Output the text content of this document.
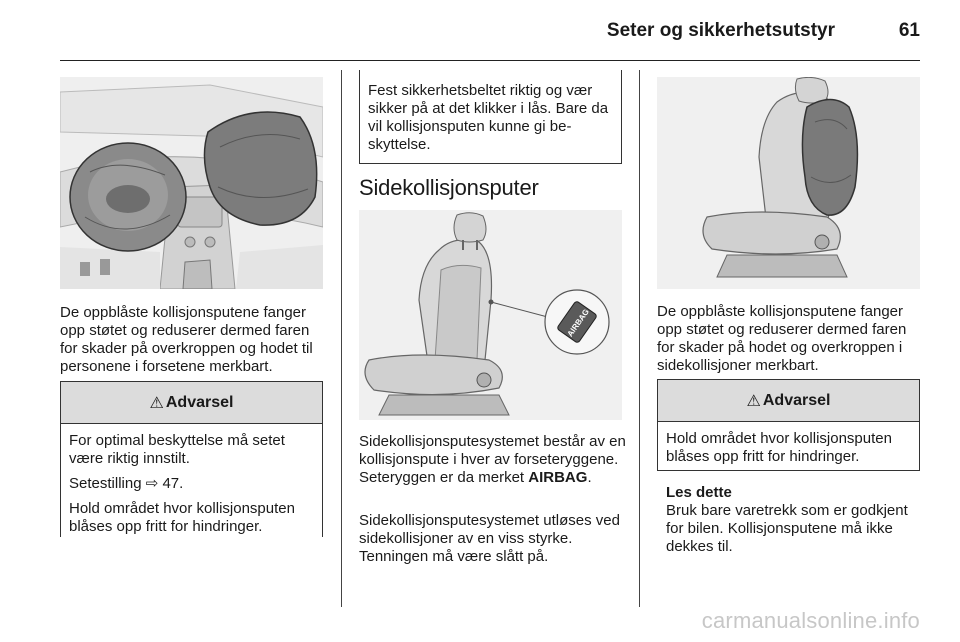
Seter og sikkerhetsutstyr	61

De oppblåste kollisjonsputene fanger opp støtet og reduserer dermed faren for skader på overkroppen og hodet til personene i forsetene merkbart.

⚠ Advarsel

For optimal beskyttelse må setet være riktig innstilt.

Setestilling ⇨ 47.

Hold området hvor kollisjonsputen blåses opp fritt for hindringer.

Fest sikkerhetsbeltet riktig og vær sikker på at det klikker i lås. Bare da vil kollisjonsputen kunne gi beskyttelse.
Sidekollisjonsputer
AIRBAG

Sidekollisjonsputesystemet består av en kollisjonspute i hver av forseteryggene. Seteryggen er da merket AIRBAG.

Sidekollisjonsputesystemet utløses ved sidekollisjoner av en viss styrke. Tenningen må være slått på.

De oppblåste kollisjonsputene fanger opp støtet og reduserer dermed faren for skader på hodet og overkroppen i sidekollisjoner merkbart.

⚠ Advarsel

Hold området hvor kollisjonsputen blåses opp fritt for hindringer.

Les dette
Bruk bare varetrekk som er godkjent for bilen. Kollisjonsputene må ikke dekkes til.
carmanualsonline.info
